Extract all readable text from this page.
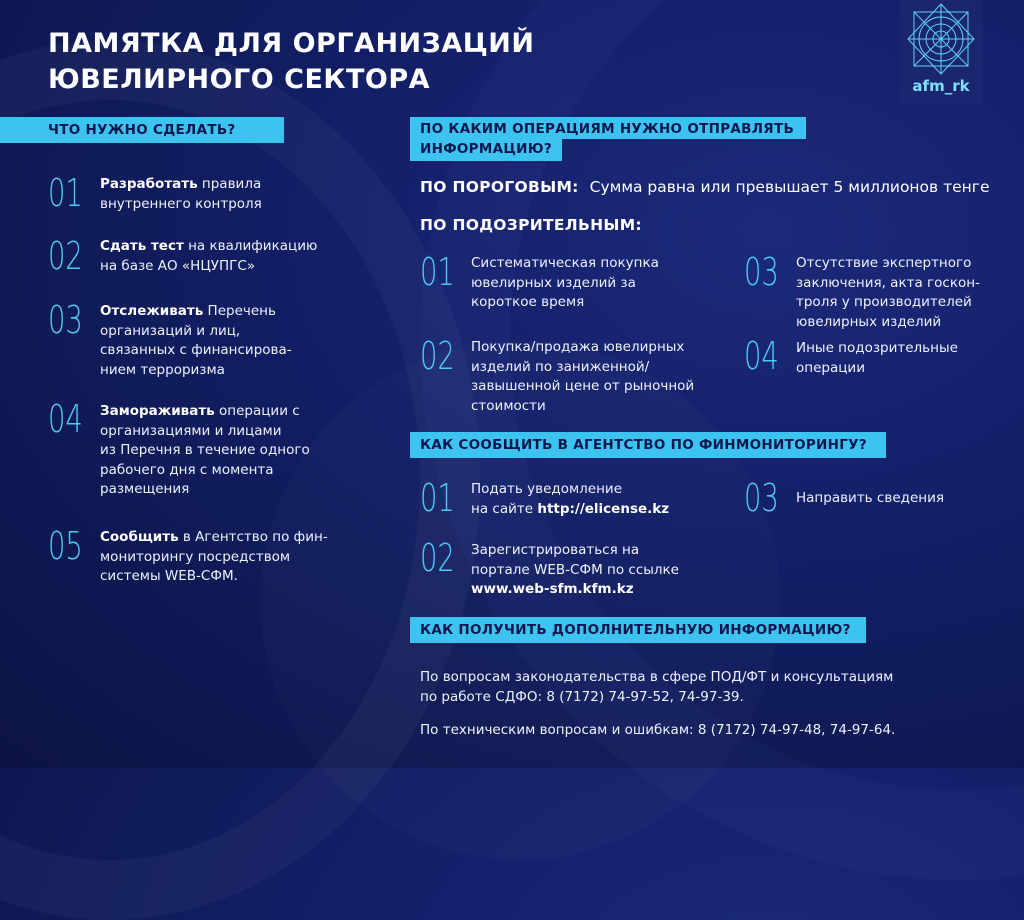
ПАМЯТКА ДЛЯ ОРГАНИЗАЦИЙ
ЮВЕЛИРНОГО СЕКТОРА	afm_rk
ЧТО НУЖНО СДЕЛАТЬ?
01 Разработать правила
внутреннего контроля
02 Сдать тест на квалификацию
на базе АО «НЦУПГС»
03 Отслеживать Перечень
организаций и лиц,
связанных с финансирова-
нием терроризма
04 Замораживать операции с
организациями и лицами
из Перечня в течение одного
рабочего дня с момента
размещения
05 Сообщить в Агентство по фин-
мониторингу посредством
системы WEB-СФМ.
ПО КАКИМ ОПЕРАЦИЯМ НУЖНО ОТПРАВЛЯТЬ
ИНФОРМАЦИЮ?
ПО ПОРОГОВЫМ: Сумма равна или превышает 5 миллионов тенге
ПО ПОДОЗРИТЕЛЬНЫМ:
01 Систематическая покупка
ювелирных изделий за
короткое время
02 Покупка/продажа ювелирных
изделий по заниженной/
завышенной цене от рыночной
стоимости
03 Отсутствие экспертного
заключения, акта госкон-
троля у производителей
ювелирных изделий
04 Иные подозрительные
операции
КАК СООБЩИТЬ В АГЕНТСТВО ПО ФИНМОНИТОРИНГУ?
01 Подать уведомление
на сайте http://elicense.kz
02 Зарегистрироваться на
портале WEB-СФМ по ссылке
www.web-sfm.kfm.kz
03 Направить сведения
КАК ПОЛУЧИТЬ ДОПОЛНИТЕЛЬНУЮ ИНФОРМАЦИЮ?
По вопросам законодательства в сфере ПОД/ФТ и консультациям
по работе СДФО: 8 (7172) 74-97-52, 74-97-39.
По техническим вопросам и ошибкам: 8 (7172) 74-97-48, 74-97-64.
